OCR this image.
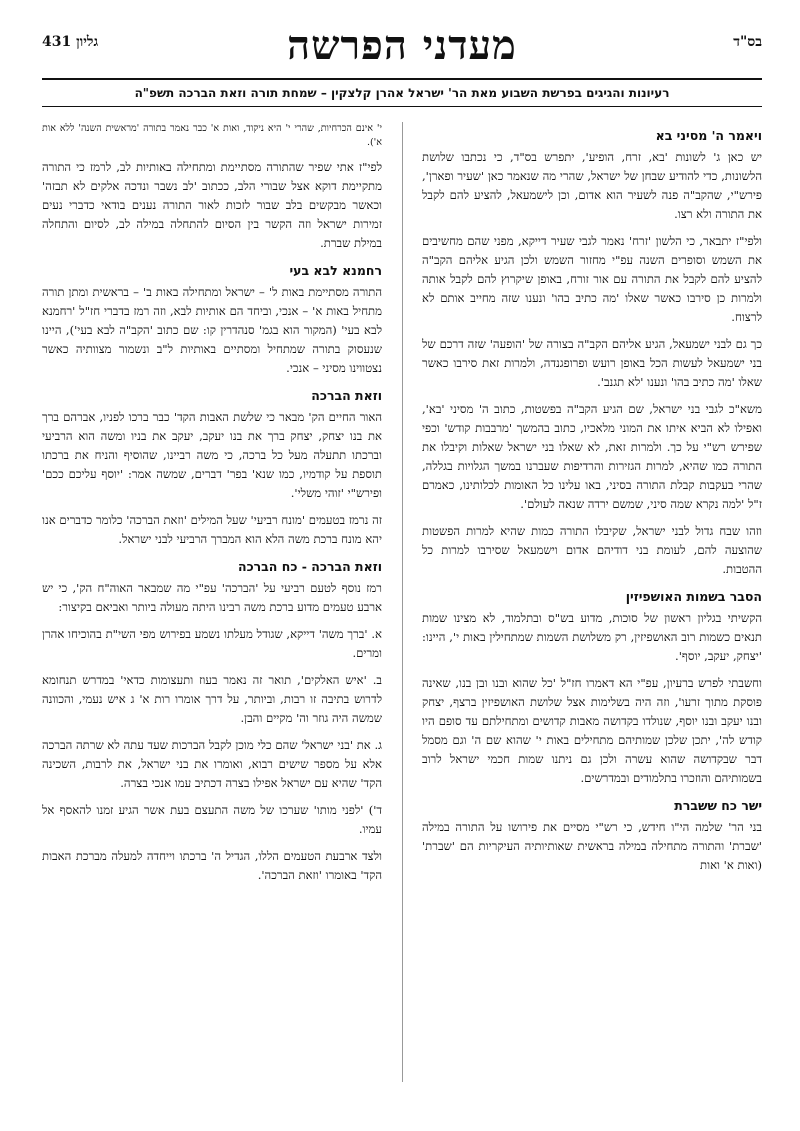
בס"ד
מעדני הפרשה
גליון 431
רעיונות והגיגים בפרשת השבוע מאת הר' ישראל אהרן קלצקין – שמחת תורה וזאת הברכה תשפ"ה
ויאמר ה' מסיני בא

יש כאן ג' לשונות 'בא, זרח, הופיע', יתפרש בס"ד, כי נכתבו שלושת הלשונות, כדי להודיע שבחן של ישראל, שהרי מה שנאמר כאן 'שעיר ופארן', פירש"י, שהקב"ה פנה לשעיר הוא אדום, וכן לישמעאל, להציע להם לקבל את התורה ולא רצו.

ולפי"ז יתבאר, כי הלשון 'זרח' נאמר לגבי שעיר דייקא, מפני שהם מחשיבים את השמש וסופרים השנה עפ"י מחזור השמש ולכן הגיע אליהם הקב"ה להציע להם לקבל את התורה עם אור זורח, באופן שיקרוץ להם לקבל אותה ולמרות כן סירבו כאשר שאלו 'מה כתיב בהו' ונענו שזה מחייב אותם לא לרצוח.

כך גם לבני ישמעאל, הגיע אליהם הקב"ה בצורה של 'הופעה' שזה דרכם של בני ישמעאל לעשות הכל באופן רועש ופרופגנדה, ולמרות זאת סירבו כאשר שאלו 'מה כתיב בהו' ונענו 'לא תגנב'.

משא"כ לגבי בני ישראל, שם הגיע הקב"ה בפשטות, כתוב ה' מסיני 'בא', ואפילו לא הביא איתו את המוני מלאכיו, כתוב בהמשך 'מרבבות קודש' וכפי שפירש רש"י על כך. ולמרות זאת, לא שאלו בני ישראל שאלות וקיבלו את התורה כמו שהיא, למרות הגזירות והרדיפות שעברנו במשך הגלויות בגללה, שהרי בעקבות קבלת התורה בסיני, באו עלינו כל האומות לכלותינו, כאמרם ז"ל 'למה נקרא שמה סיני, שמשם ירדה שנאה לעולם'.

וזהו שבח גדול לבני ישראל, שקיבלו התורה כמות שהיא למרות הפשטות שהוצעה להם, לעומת בני דודיהם אדום וישמעאל שסירבו למרות כל ההטבות.

הסבר בשמות האושפיזין

הקשיתי בגליון ראשון של סוכות, מדוע בש"ס ובתלמוד, לא מצינו שמות תנאים כשמות רוב האושפיזין, רק משלושת השמות שמתחילין באות י', היינו: 'יצחק, יעקב, יוסף'.

וחשבתי לפרש ברעיון, עפ"י הא דאמרו חז"ל 'כל שהוא ובנו ובן בנו, שאינה פוסקת מתוך זרעו', וזה היה בשלימות אצל שלושת האושפיזין ברצף, יצחק ובנו יעקב ובנו יוסף, שנולדו בקדושה מאבות קדושים ומתחילתם עד סופם היו קודש לה', יתכן שלכן שמותיהם מתחילים באות י' שהוא שם ה' וגם מסמל דבר שבקדושה שהוא עשרה ולכן גם ניתנו שמות חכמי ישראל לרוב בשמותיהם והוזכרו בתלמודים ובמדרשים.

ישר כח ששברת

בני הר' שלמה הי"ו חידש, כי רש"י מסיים את פירושו על התורה במילה 'שברת' והתורה מתחילה במילה בראשית שאותיותיה העיקריות הם 'שברת' (ואות א' ואות

י' אינם הכרחיות, שהרי י' היא ניקוד, ואות א' כבר נאמר בתורה 'מראשית השנה' ללא אות א').

לפי"ז אתי שפיר שהתורה מסתיימת ומתחילה באותיות לב, לרמז כי התורה מתקיימת דוקא אצל שבורי הלב, ככתוב 'לב נשבר ונדכה אלקים לא תבזה' וכאשר מבקשים בלב שבור לזכות לאור התורה נענים בודאי כדברי נעים זמירות ישראל וזה הקשר בין הסיום להתחלה במילה לב, לסיום והתחלה במילת שברת.

רחמנא לבא בעי

התורה מסתיימת באות ל' – ישראל ומתחילה באות ב' – בראשית ומתן תורה מתחיל באות א' – אנכי, וביחד הם אותיות לבא, וזה רמז בדברי חז"ל 'רחמנא לבא בעי' (המקור הוא בגמ' סנהדרין קו: שם כתוב 'הקב"ה לבא בעי'), היינו שנעסוק בתורה שמתחיל ומסתיים באותיות ל"ב ונשמור מצוותיה כאשר נצטווינו מסיני – אנכי.

וזאת הברכה

האור החיים הק' מבאר כי שלשת האבות הקד' כבר ברכו לפניו, אברהם ברך את בנו יצחק, יצחק ברך את בנו יעקב, יעקב את בניו ומשה הוא הרביעי וברכתו תתעלה מעל כל ברכה, כי משה רביינו, שהוסיף והניח את ברכתו תוספת על קודמיו, כמו שנא' בפר' דברים, שמשה אמר: 'יוסף עליכם ככם' ופירש"י 'זוהי משלי'.

זה נרמז בטעמים 'מונח רביעי' שעל המילים 'וזאת הברכה' כלומר כדברים אנו יהא מונח ברכת משה הלא הוא המברך הרביעי לבני ישראל.

וזאת הברכה - כח הברכה

רמז נוסף לטעם רביעי על 'הברכה' עפ"י מה שמבאר האוה"ח הק', כי יש ארבע טעמים מדוע ברכת משה רבינו היתה מעולה ביותר ואביאם בקיצור:

א. 'ברך משה' דייקא, שגודל מעלתו נשמע בפירוש מפי השי"ת בהוכיחו אהרן ומרים.

ב. 'איש האלקים', תואר זה נאמר בעוז ותעצומות כדאי' במדרש תנחומא לדרוש בתיבה זו רבות, וביותר, על דרך אומרו רות א' ג איש נעמי, והכוונה שמשה היה גוזר וה' מקיים והבן.

ג. את 'בני ישראל' שהם כלי מוכן לקבל הברכות שעד עתה לא שרתה הברכה אלא על מספר שישים רבוא, ואומרו את בני ישראל, את לרבות, השכינה הקד' שהיא עם ישראל אפילו בצרה דכתיב עמו אנכי בצרה.

ד') 'לפני מותו' שערכו של משה התעצם בעת אשר הגיע זמנו להאסף אל עמיו.

ולצד ארבעת הטעמים הללו, הגדיל ה' ברכתו וייחדה למעלה מברכת האבות הקד' באומרו 'וזאת הברכה'.
